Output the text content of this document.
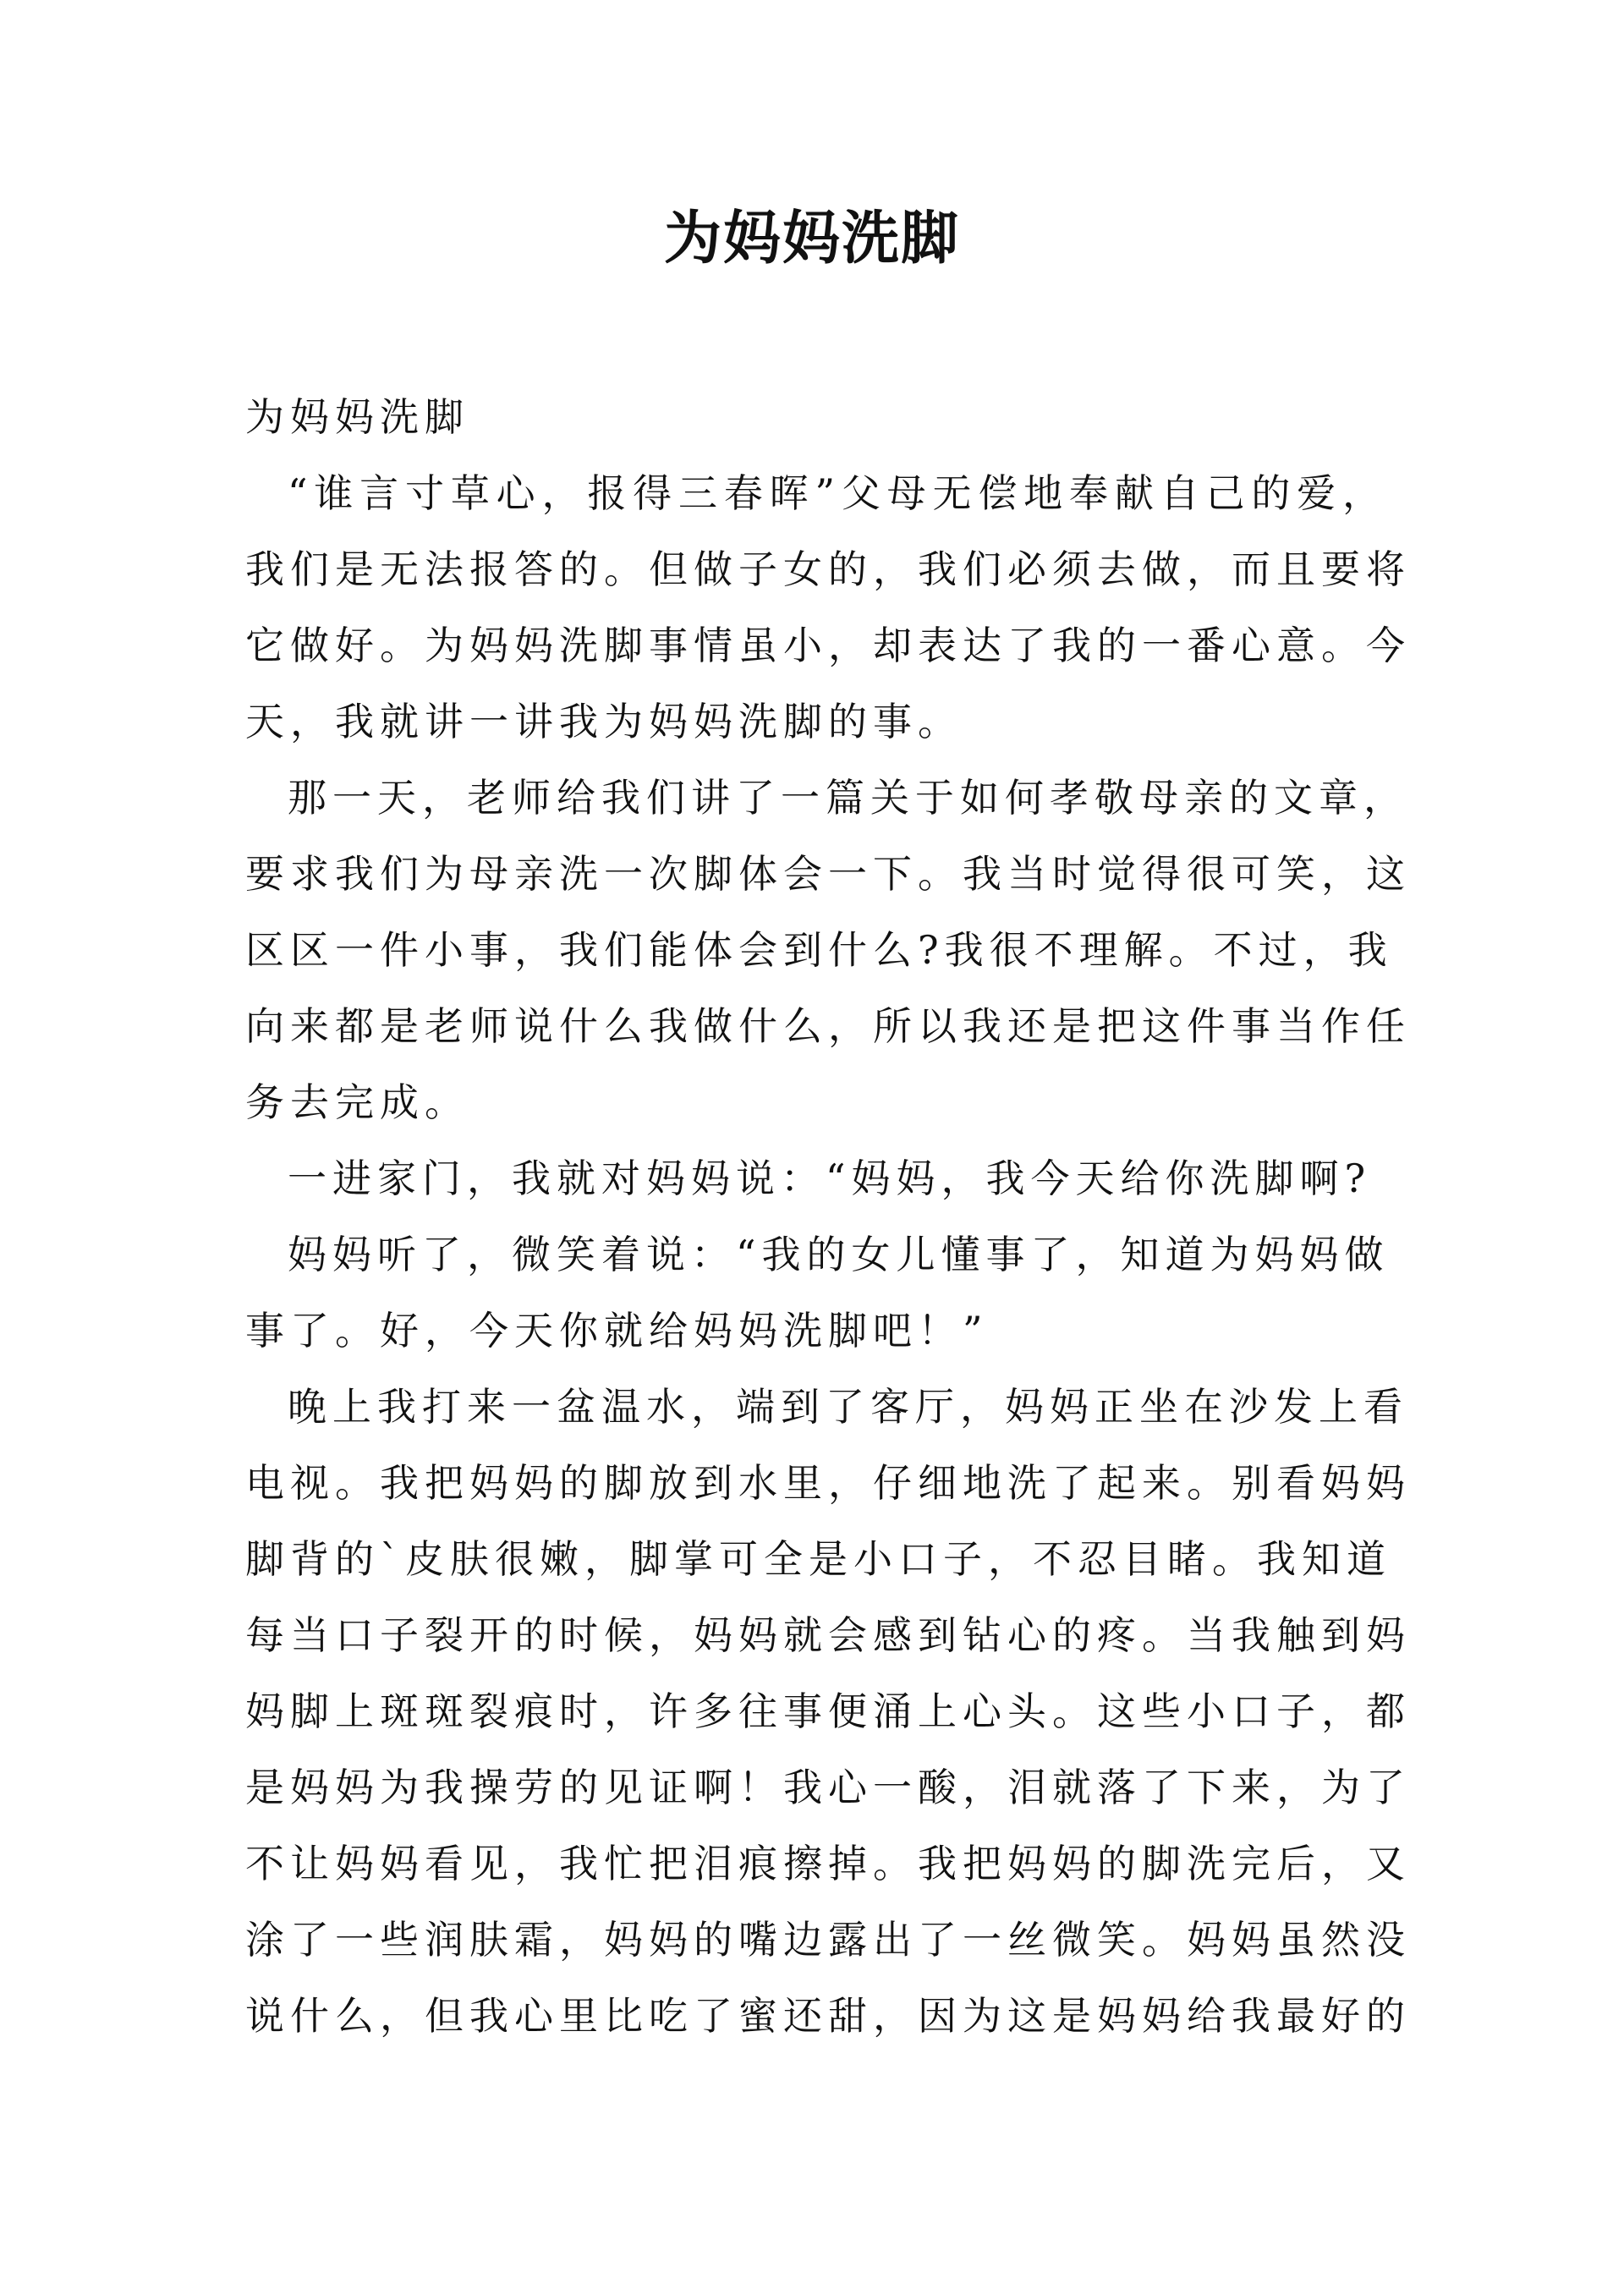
为妈妈洗脚
为妈妈洗脚
“谁言寸草心，报得三春晖”父母无偿地奉献自己的爱，
我们是无法报答的。但做子女的，我们必须去做，而且要将
它做好。为妈妈洗脚事情虽小，却表达了我的一番心意。今
天，我就讲一讲我为妈妈洗脚的事。
那一天，老师给我们讲了一篇关于如何孝敬母亲的文章，
要求我们为母亲洗一次脚体会一下。我当时觉得很可笑，这
区区一件小事，我们能体会到什么?我很不理解。不过，我
向来都是老师说什么我做什么，所以我还是把这件事当作任
务去完成。
一进家门，我就对妈妈说：“妈妈，我今天给你洗脚啊?
妈妈听了，微笑着说：“我的女儿懂事了，知道为妈妈做
事了。好，今天你就给妈妈洗脚吧！”
晚上我打来一盆温水，端到了客厅，妈妈正坐在沙发上看
电视。我把妈妈的脚放到水里，仔细地洗了起来。别看妈妈
脚背的`皮肤很嫩，脚掌可全是小口子，不忍目睹。我知道
每当口子裂开的时候，妈妈就会感到钻心的疼。当我触到妈
妈脚上斑斑裂痕时，许多往事便涌上心头。这些小口子，都
是妈妈为我操劳的见证啊！我心一酸，泪就落了下来，为了
不让妈妈看见，我忙把泪痕擦掉。我把妈妈的脚洗完后，又
涂了一些润肤霜，妈妈的嘴边露出了一丝微笑。妈妈虽然没
说什么，但我心里比吃了蜜还甜，因为这是妈妈给我最好的
